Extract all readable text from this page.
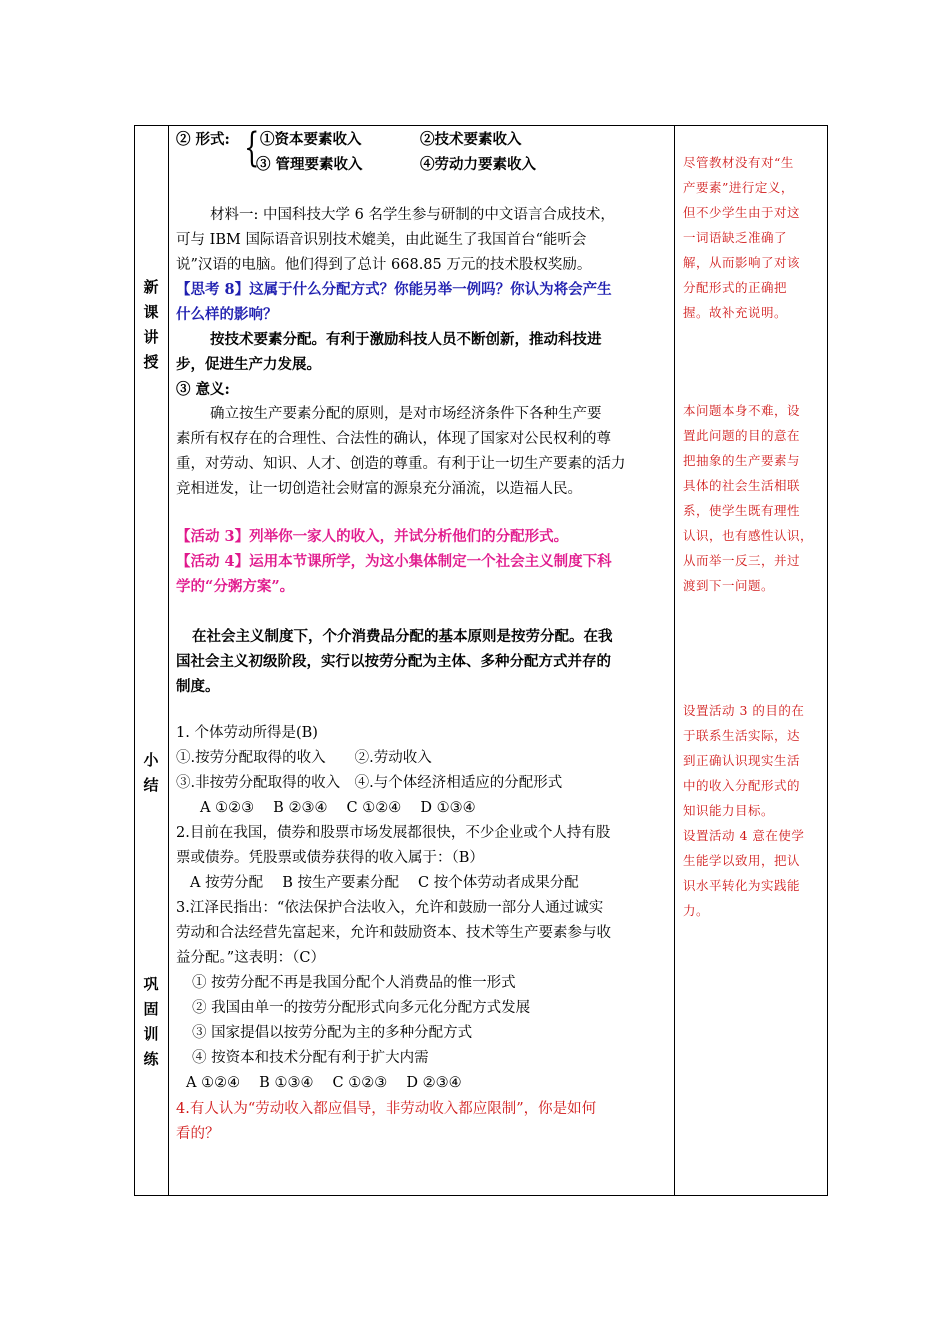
新
课
讲
授
小
结
巩
固
训
练
② 形式: { ①资本要素收入	②技术要素收入
③ 管理要素收入	④劳动力要素收入
材料一: 中国科技大学 6 名学生参与研制的中文语言合成技术，
可与 IBM 国际语音识别技术媲美，由此诞生了我国首台“能听会
说”汉语的电脑。他们得到了总计 668.85 万元的技术股权奖励。
【思考 8】这属于什么分配方式？你能另举一例吗？你认为将会产生
什么样的影响？
按技术要素分配。有利于激励科技人员不断创新，推动科技进
步，促进生产力发展。
③ 意义:
确立按生产要素分配的原则，是对市场经济条件下各种生产要
素所有权存在的合理性、合法性的确认，体现了国家对公民权利的尊
重，对劳动、知识、人才、创造的尊重。有利于让一切生产要素的活力
竞相迸发，让一切创造社会财富的源泉充分涌流，以造福人民。
【活动 3】列举你一家人的收入，并试分析他们的分配形式。
【活动 4】运用本节课所学，为这小集体制定一个社会主义制度下科
学的“分粥方案”。
在社会主义制度下，个介消费品分配的基本原则是按劳分配。在我
国社会主义初级阶段，实行以按劳分配为主体、多种分配方式并存的
制度。
1. 个体劳动所得是(B)
①.按劳分配取得的收入　　②.劳动收入
③.非按劳分配取得的收入　④.与个体经济相适应的分配形式
A ①②③　 B ②③④　 C ①②④　 D ①③④
2.目前在我国，债券和股票市场发展都很快，不少企业或个人持有股
票或债券。凭股票或债券获得的收入属于：（B）
A 按劳分配　 B 按生产要素分配　 C 按个体劳动者成果分配
3.江泽民指出：“依法保护合法收入，允许和鼓励一部分人通过诚实
劳动和合法经营先富起来，允许和鼓励资本、技术等生产要素参与收
益分配。”这表明：（C）
① 按劳分配不再是我国分配个人消费品的惟一形式
② 我国由单一的按劳分配形式向多元化分配方式发展
③ 国家提倡以按劳分配为主的多种分配方式
④ 按资本和技术分配有利于扩大内需
A ①②④　 B ①③④　 C ①②③　 D ②③④
4.有人认为“劳动收入都应倡导，非劳动收入都应限制”，你是如何
看的？
尽管教材没有对“生
产要素”进行定义，
但不少学生由于对这
一词语缺乏准确了
解，从而影响了对该
分配形式的正确把
握。故补充说明。
本问题本身不难，设
置此问题的目的意在
把抽象的生产要素与
具体的社会生活相联
系，使学生既有理性
认识，也有感性认识，
从而举一反三，并过
渡到下一问题。
设置活动 3 的目的在
于联系生活实际，达
到正确认识现实生活
中的收入分配形式的
知识能力目标。
设置活动 4 意在使学
生能学以致用，把认
识水平转化为实践能
力。
